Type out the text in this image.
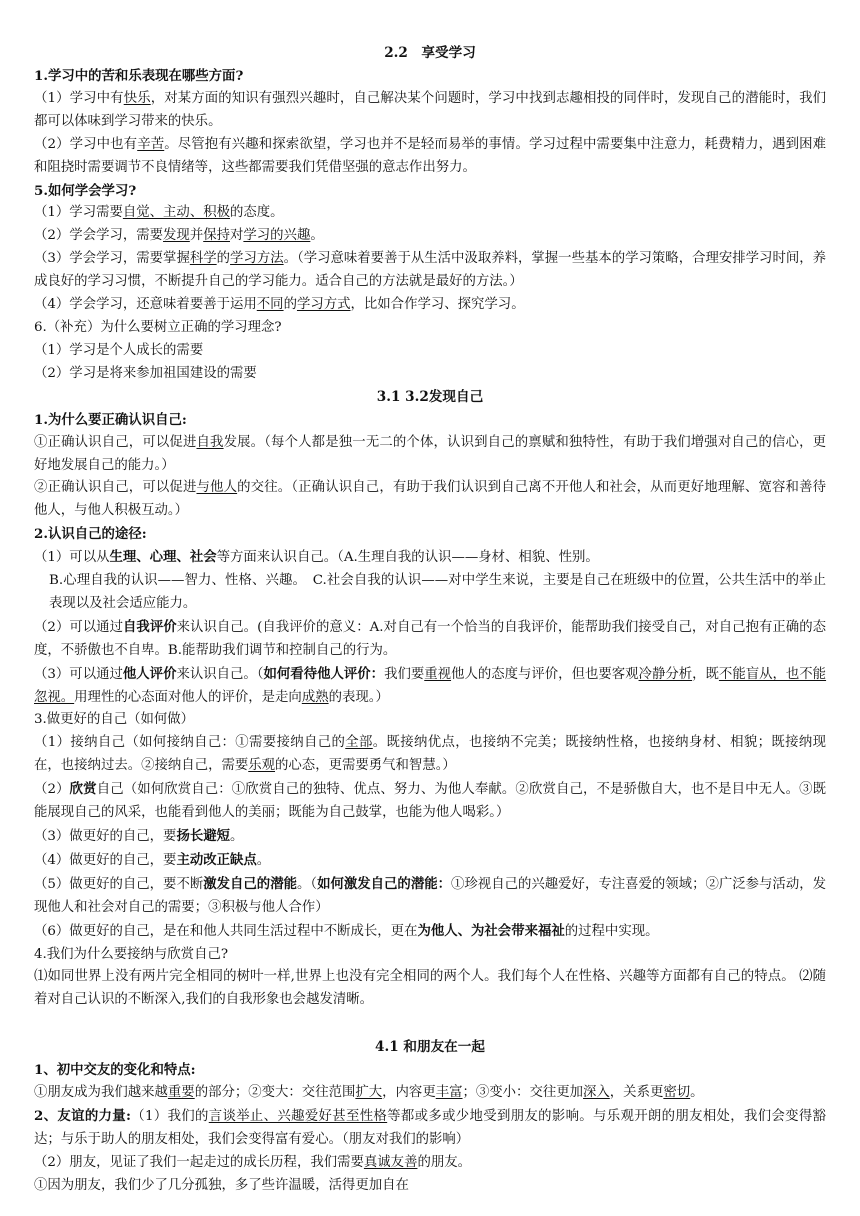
2.2　享受学习

1.学习中的苦和乐表现在哪些方面?

（1）学习中有快乐，对某方面的知识有强烈兴趣时，自己解决某个问题时，学习中找到志趣相投的同伴时，发现自己的潜能时，我们都可以体味到学习带来的快乐。

（2）学习中也有辛苦。尽管抱有兴趣和探索欲望，学习也并不是轻而易举的事情。学习过程中需要集中注意力，耗费精力，遇到困难和阻挠时需要调节不良情绪等，这些都需要我们凭借坚强的意志作出努力。

5.如何学会学习?

（1）学习需要自觉、主动、积极的态度。

（2）学会学习，需要发现并保持对学习的兴趣。

（3）学会学习，需要掌握科学的学习方法。（学习意味着要善于从生活中汲取养料，掌握一些基本的学习策略，合理安排学习时间，养成良好的学习习惯，不断提升自己的学习能力。适合自己的方法就是最好的方法。）

（4）学会学习，还意味着要善于运用不同的学习方式，比如合作学习、探究学习。

6.（补充）为什么要树立正确的学习理念?

（1）学习是个人成长的需要

（2）学习是将来参加祖国建设的需要

3.1 3.2发现自己

1.为什么要正确认识自己:

①正确认识自己，可以促进自我发展。（每个人都是独一无二的个体，认识到自己的禀赋和独特性，有助于我们增强对自己的信心，更好地发展自己的能力。）

②正确认识自己，可以促进与他人的交往。（正确认识自己，有助于我们认识到自己离不开他人和社会，从而更好地理解、宽容和善待他人，与他人积极互动。）

2.认识自己的途径:

（1）可以从生理、心理、社会等方面来认识自己。（A.生理自我的认识——身材、相貌、性别。

B.心理自我的认识——智力、性格、兴趣。　C.社会自我的认识——对中学生来说，主要是自己在班级中的位置，公共生活中的举止表现以及社会适应能力。

（2）可以通过自我评价来认识自己。(自我评价的意义：A.对自己有一个恰当的自我评价，能帮助我们接受自己，对自己抱有正确的态度，不骄傲也不自卑。B.能帮助我们调节和控制自己的行为。

（3）可以通过他人评价来认识自己。（如何看待他人评价：我们要重视他人的态度与评价，但也要客观冷静分析，既不能盲从，也不能忽视。用理性的心态面对他人的评价，是走向成熟的表现。）

3.做更好的自己（如何做）

（1）接纳自己（如何接纳自己：①需要接纳自己的全部。既接纳优点，也接纳不完美；既接纳性格，也接纳身材、相貌；既接纳现在，也接纳过去。②接纳自己，需要乐观的心态，更需要勇气和智慧。）

（2）欣赏自己（如何欣赏自己：①欣赏自己的独特、优点、努力、为他人奉献。②欣赏自己，不是骄傲自大，也不是目中无人。③既能展现自己的风采，也能看到他人的美丽；既能为自己鼓掌，也能为他人喝彩。）

（3）做更好的自己，要扬长避短。

（4）做更好的自己，要主动改正缺点。

（5）做更好的自己，要不断激发自己的潜能。（如何激发自己的潜能：①珍视自己的兴趣爱好，专注喜爱的领域；②广泛参与活动，发现他人和社会对自己的需要；③积极与他人合作）

（6）做更好的自己，是在和他人共同生活过程中不断成长，更在为他人、为社会带来福祉的过程中实现。

4.我们为什么要接纳与欣赏自己?

⑴如同世界上没有两片完全相同的树叶一样,世界上也没有完全相同的两个人。我们每个人在性格、兴趣等方面都有自己的特点。 ⑵随着对自己认识的不断深入,我们的自我形象也会越发清晰。

4.1 和朋友在一起

1、初中交友的变化和特点:

①朋友成为我们越来越重要的部分；②变大：交往范围扩大，内容更丰富；③变小：交往更加深入，关系更密切。

2、友谊的力量:（1）我们的言谈举止、兴趣爱好甚至性格等都或多或少地受到朋友的影响。与乐观开朗的朋友相处，我们会变得豁达；与乐于助人的朋友相处，我们会变得富有爱心。（朋友对我们的影响）

（2）朋友，见证了我们一起走过的成长历程，我们需要真诚友善的朋友。

①因为朋友，我们少了几分孤独，多了些许温暖，活得更加自在
